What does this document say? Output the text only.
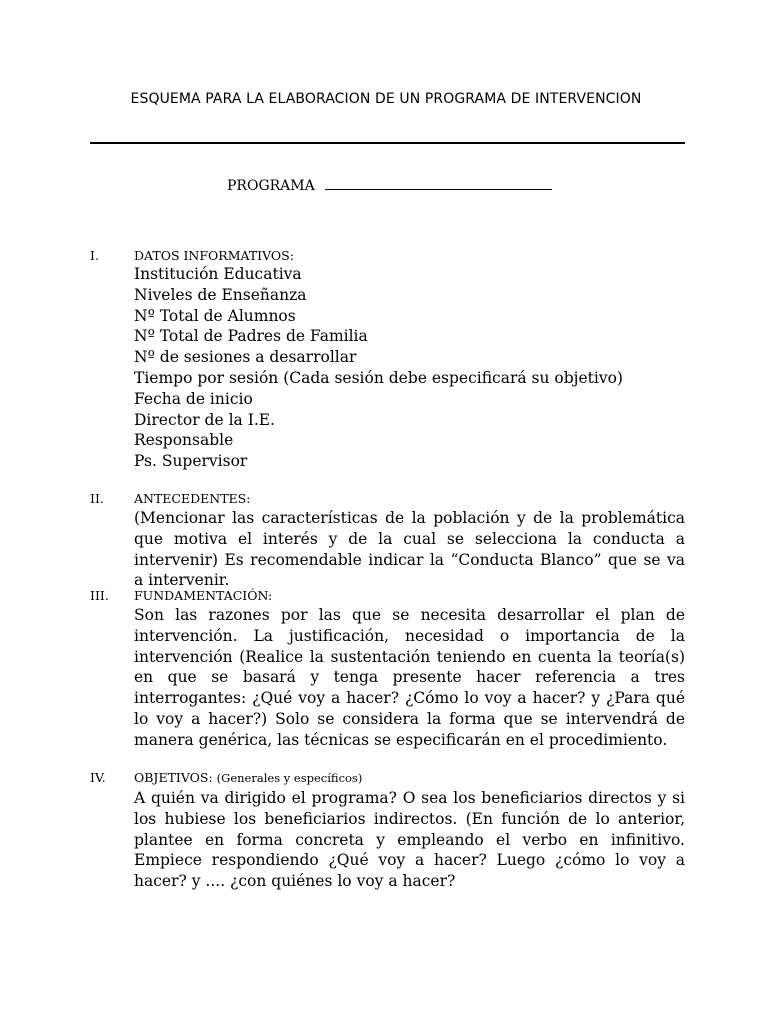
ESQUEMA PARA LA ELABORACION DE UN PROGRAMA DE INTERVENCION
PROGRAMA
I.	DATOS INFORMATIVOS:
Institución Educativa
Niveles de Enseñanza
Nº Total de Alumnos
Nº Total de Padres de Familia
Nº de sesiones a desarrollar
Tiempo por sesión (Cada sesión debe especificará su objetivo)
Fecha de inicio
Director de la I.E.
Responsable
Ps. Supervisor
II. ANTECEDENTES:

(Mencionar las características de la población y de la problemática que motiva el interés y de la cual se selecciona la conducta a intervenir) Es recomendable indicar la “Conducta Blanco” que se va a intervenir.

III. FUNDAMENTACIÓN:

Son las razones por las que se necesita desarrollar el plan de intervención. La justificación, necesidad o importancia de la intervención (Realice la sustentación teniendo en cuenta la teoría(s) en que se basará y tenga presente hacer referencia a tres interrogantes: ¿Qué voy a hacer? ¿Cómo lo voy a hacer? y ¿Para qué lo voy a hacer?) Solo se considera la forma que se intervendrá de manera genérica, las técnicas se especificarán en el procedimiento.

IV. OBJETIVOS: (Generales y específicos)

A quién va dirigido el programa? O sea los beneficiarios directos y si los hubiese los beneficiarios indirectos. (En función de lo anterior, plantee en forma concreta y empleando el verbo en infinitivo. Empiece respondiendo ¿Qué voy a hacer? Luego ¿cómo lo voy a hacer? y .... ¿con quiénes lo voy a hacer?
